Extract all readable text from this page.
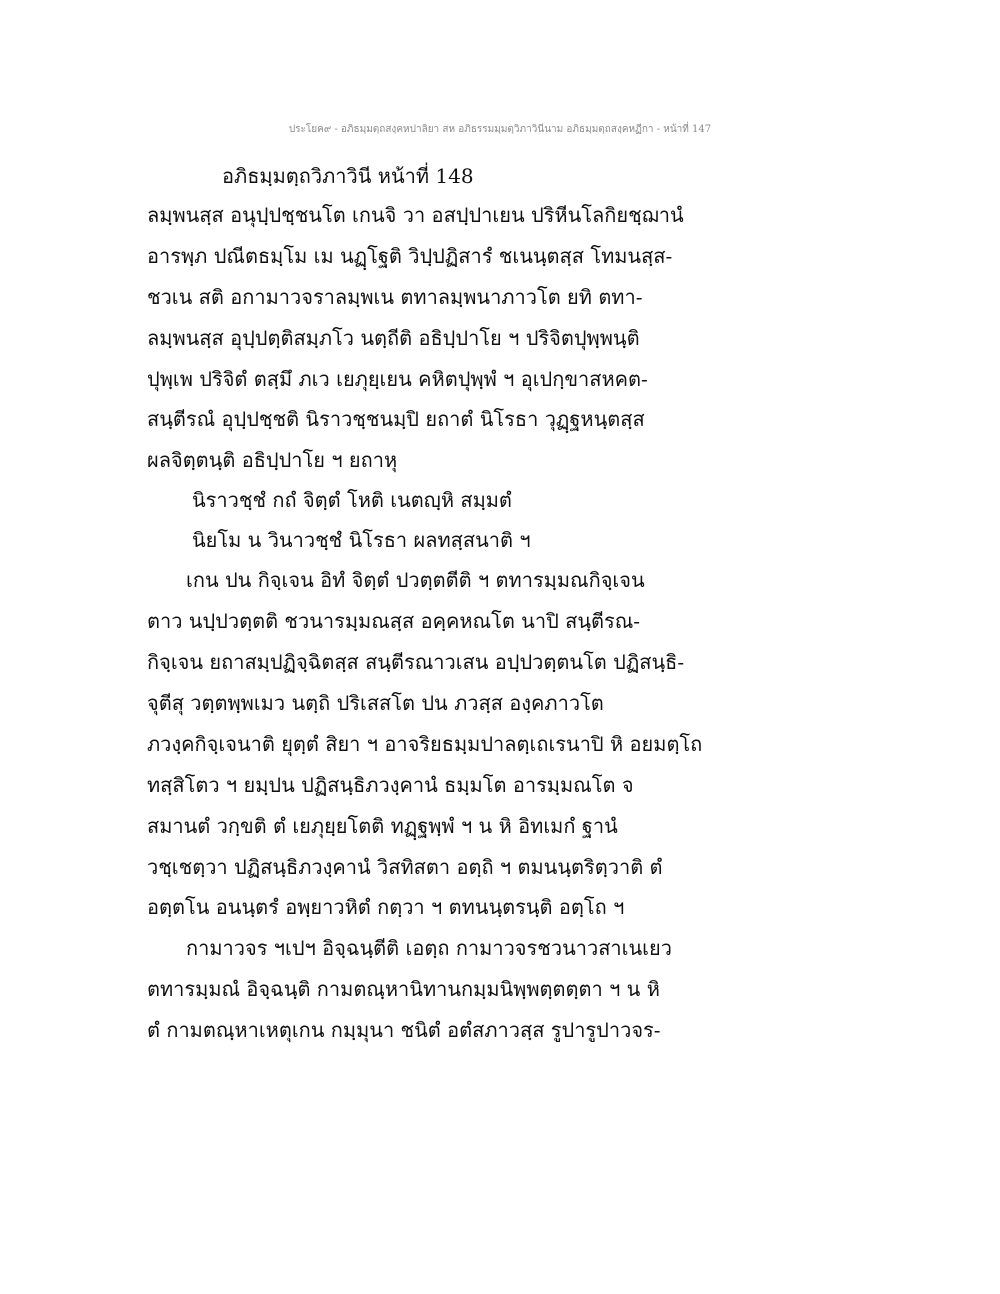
ประโยค๙ - อภิธมฺมตฺถสงฺคหปาลิยา สห อภิธรรมมฺมตฺวิภาวินีนาม อภิธมฺมตฺถสงฺคหฏีกา - หน้าที่ 147
อภิธมฺมตฺถวิภาวินี หน้าที่ 148
ลมฺพนสฺส อนุปฺปชฺชนโต เกนจิ วา อสปฺปาเยน ปริหีนโลกิยชฺฌานํ
อารพฺภ ปณีตธมฺโม เม นฏฺโฐติ วิปฺปฏิสารํ ชเนนฺตสฺส โทมนสฺส-
ชวเน สติ อกามาวจราลมฺพเน ตทาลมฺพนาภาวโต ยทิ ตทา-
ลมฺพนสฺส อุปฺปตฺติสมฺภโว นตฺถีติ อธิปฺปาโย ฯ ปริจิตปุพฺพนฺติ
ปุพฺเพ ปริจิตํ ตสฺมึ ภเว เยภุยฺเยน คหิตปุพฺพํ ฯ อุเปกฺขาสหคต-
สนฺตีรณํ อุปฺปชฺชติ นิราวชฺชนมฺปิ ยถาตํ นิโรธา วุฏฺฐหนฺตสฺส
ผลจิตฺตนฺติ อธิปฺปาโย ฯ ยถาหุ
นิราวชฺชํ กถํ จิตฺตํ โหติ เนตญฺหิ สมฺมตํ
นิยโม น วินาวชฺชํ นิโรธา ผลทสฺสนาติ ฯ
เกน ปน กิจฺเจน อิทํ จิตฺตํ ปวตฺตตีติ ฯ ตทารมฺมณกิจฺเจน
ตาว นปฺปวตฺตติ ชวนารมฺมณสฺส อคฺคหณโต นาปิ สนฺตีรณ-
กิจฺเจน ยถาสมฺปฏิจฺฉิตสฺส สนฺตีรณาวเสน อปฺปวตฺตนโต ปฏิสนฺธิ-
จุตีสุ วตฺตพฺพเมว นตฺถิ ปริเสสโต ปน ภวสฺส องฺคภาวโต
ภวงฺคกิจฺเจนาติ ยุตฺตํ สิยา ฯ อาจริยธมฺมปาลตฺเถเรนาปิ หิ อยมตฺโถ
ทสฺสิโตว ฯ ยมฺปน ปฏิสนฺธิภวงฺคานํ ธมฺมโต อารมฺมณโต จ
สมานตํ วกฺขติ ตํ เยภุยฺยโตติ ทฏฺฐพฺพํ ฯ น หิ อิทเมกํ ฐานํ
วชฺเชตฺวา ปฏิสนฺธิภวงฺคานํ วิสทิสตา อตฺถิ ฯ ตมนนฺตริตฺวาติ ตํ
อตฺตโน อนนฺตรํ อพฺยาวหิตํ กตฺวา ฯ ตทนนฺตรนฺติ อตฺโถ ฯ
กามาวจร ฯเปฯ อิจฺฉนฺตีติ เอตฺถ กามาวจรชวนาวสาเนเยว
ตทารมฺมณํ อิจฺฉนฺติ กามตณฺหานิทานกมฺมนิพฺพตฺตตฺตา ฯ น หิ
ตํ กามตณฺหาเหตุเกน กมฺมุนา ชนิตํ อตํสภาวสฺส รูปารูปาวจร-
